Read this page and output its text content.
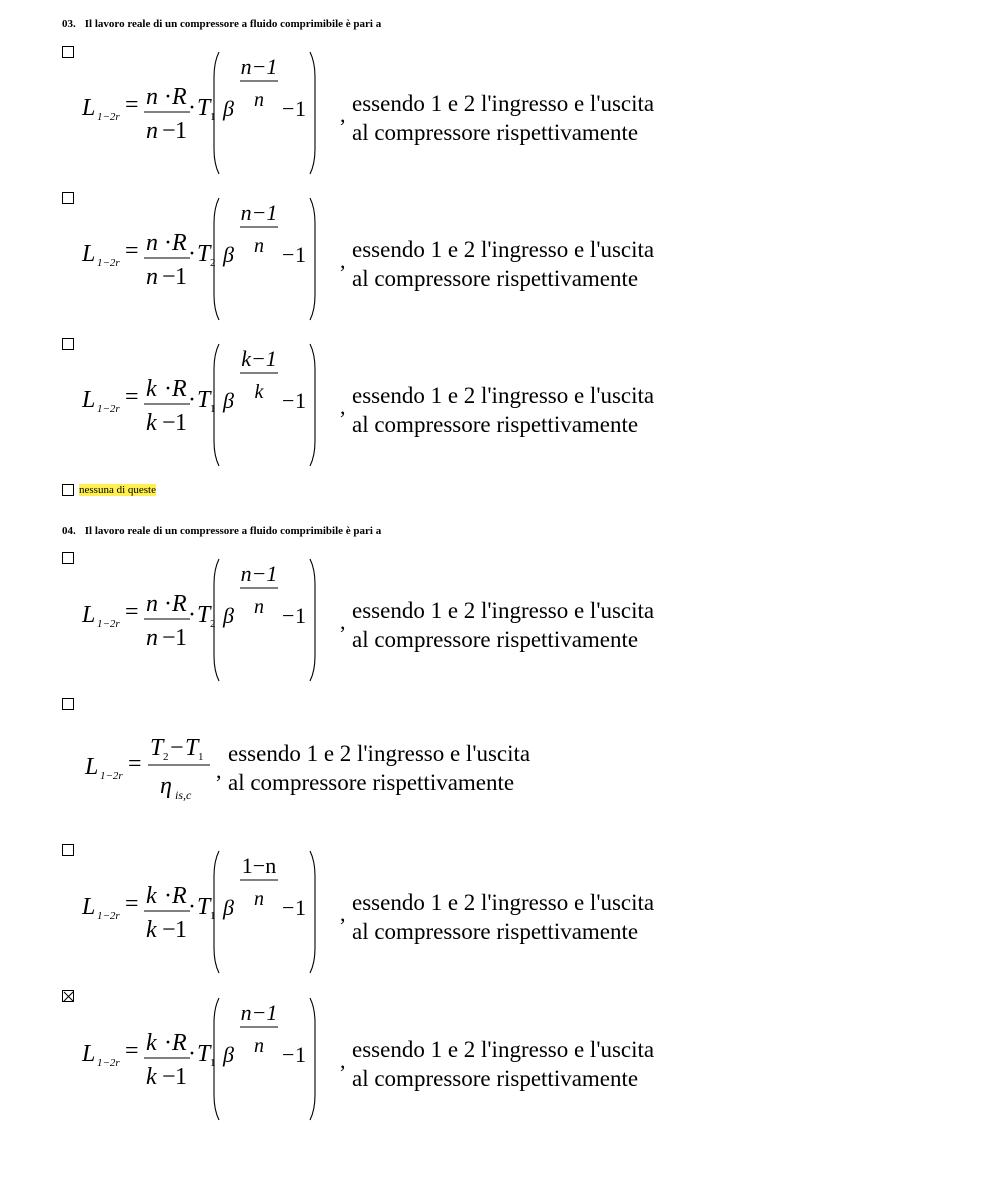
03. Il lavoro reale di un compressore a fluido comprimibile è pari a
L 1−2r = n · R
n − 1
· T 1 β
n−1
n − 1 , essendo 1 e 2 l'ingresso e l'uscita
al compressore rispettivamente
L 1−2r = n · R
n − 1
· T 2 β
n−1
n − 1 , essendo 1 e 2 l'ingresso e l'uscita
al compressore rispettivamente
L 1−2r = k · R
k − 1
· T 1 β
k−1
k − 1 , essendo 1 e 2 l'ingresso e l'uscita
al compressore rispettivamente
nessuna di queste
04. Il lavoro reale di un compressore a fluido comprimibile è pari a
L 1−2r = n · R
n − 1
· T 2 β
n−1
n − 1 , essendo 1 e 2 l'ingresso e l'uscita
al compressore rispettivamente
L 1−2r =
T 2 − T 1
η is,c
,
essendo 1 e 2 l'ingresso e l'uscita
al compressore rispettivamente
L 1−2r = k · R
k − 1
· T 1 β
1−n
n − 1 , essendo 1 e 2 l'ingresso e l'uscita
al compressore rispettivamente
L 1−2r = k · R
k − 1
· T 1 β
n−1
n − 1 , essendo 1 e 2 l'ingresso e l'uscita
al compressore rispettivamente
